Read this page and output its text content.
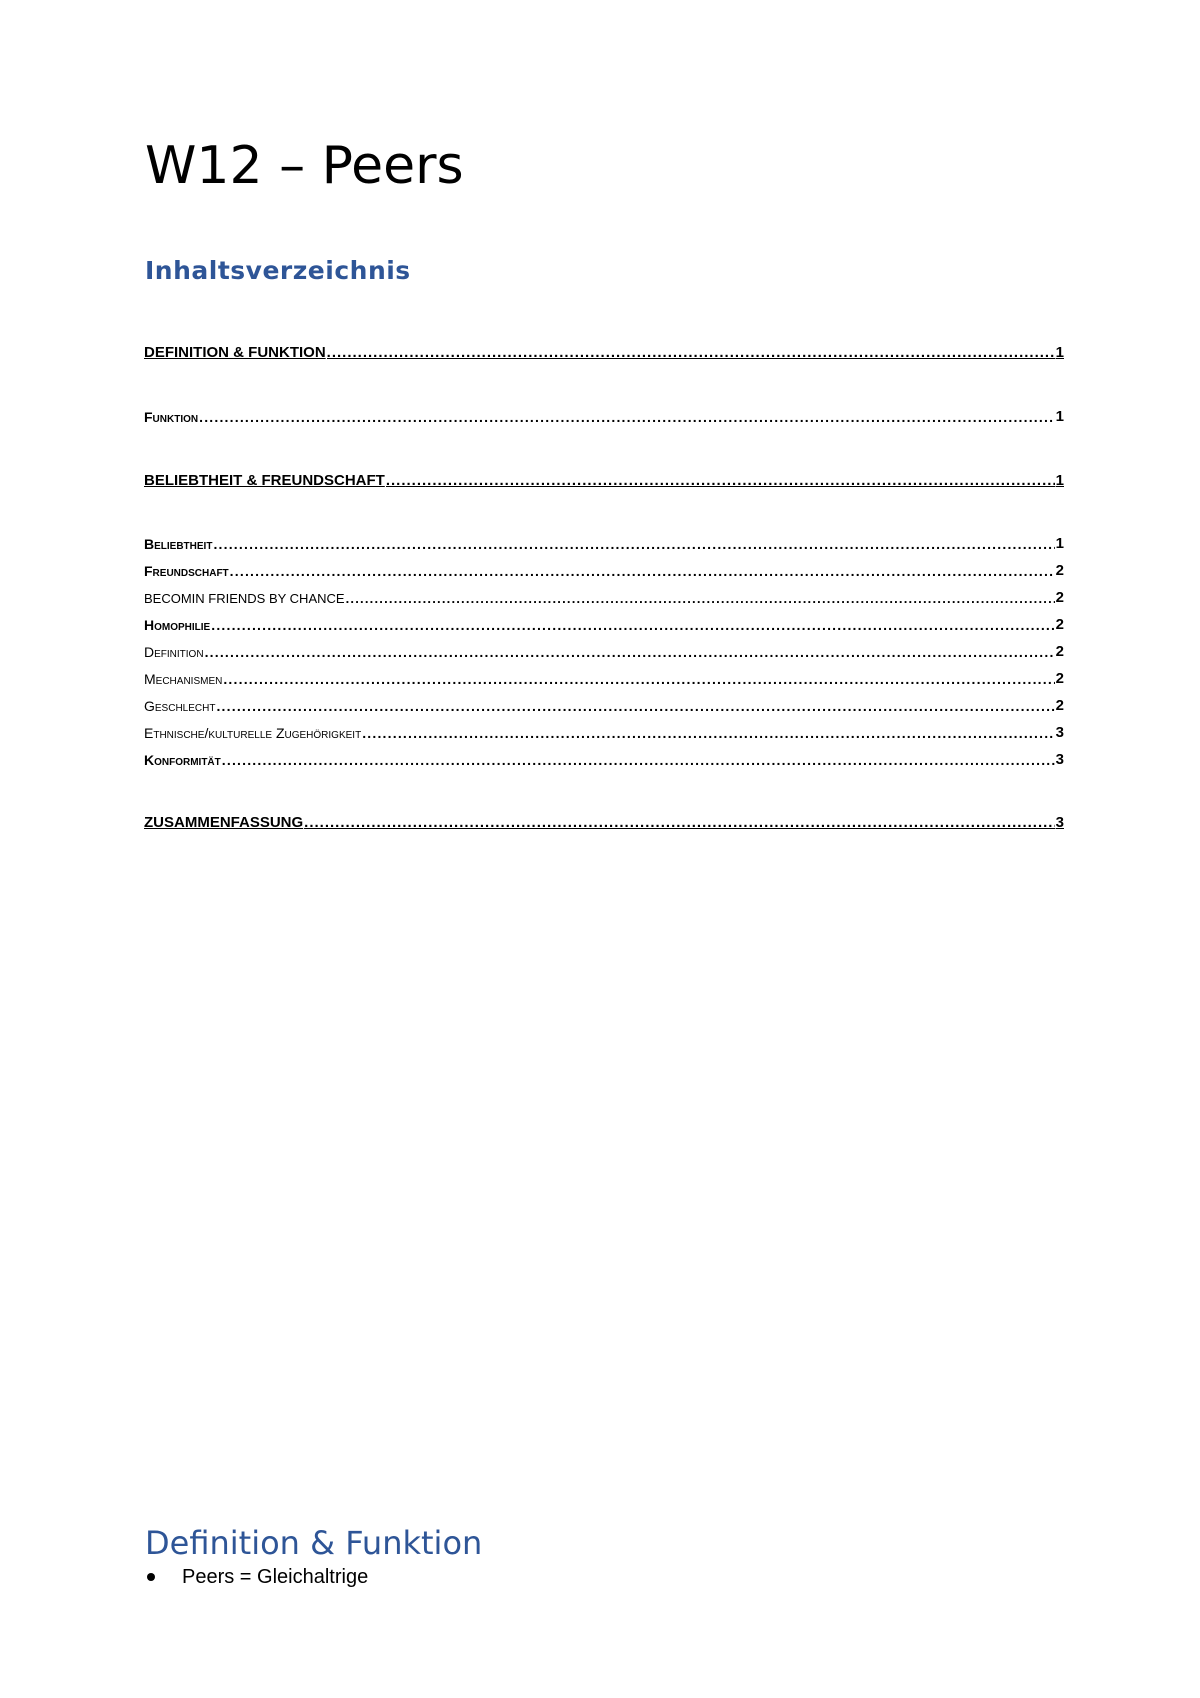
W12 – Peers
Inhaltsverzeichnis
DEFINITION & FUNKTION .....	1
Funktion .....	1
BELIEBTHEIT & FREUNDSCHAFT .....	1
Beliebtheit .....	1
Freundschaft .....	2
BECOMIN FRIENDS BY CHANCE .....	2
Homophilie .....	2
Definition .....	2
Mechanismen .....	2
Geschlecht .....	2
Ethnische/kulturelle Zugehörigkeit .....	3
Konformität .....	3
ZUSAMMENFASSUNG .....	3
Definition & Funktion
Peers = Gleichaltrige
